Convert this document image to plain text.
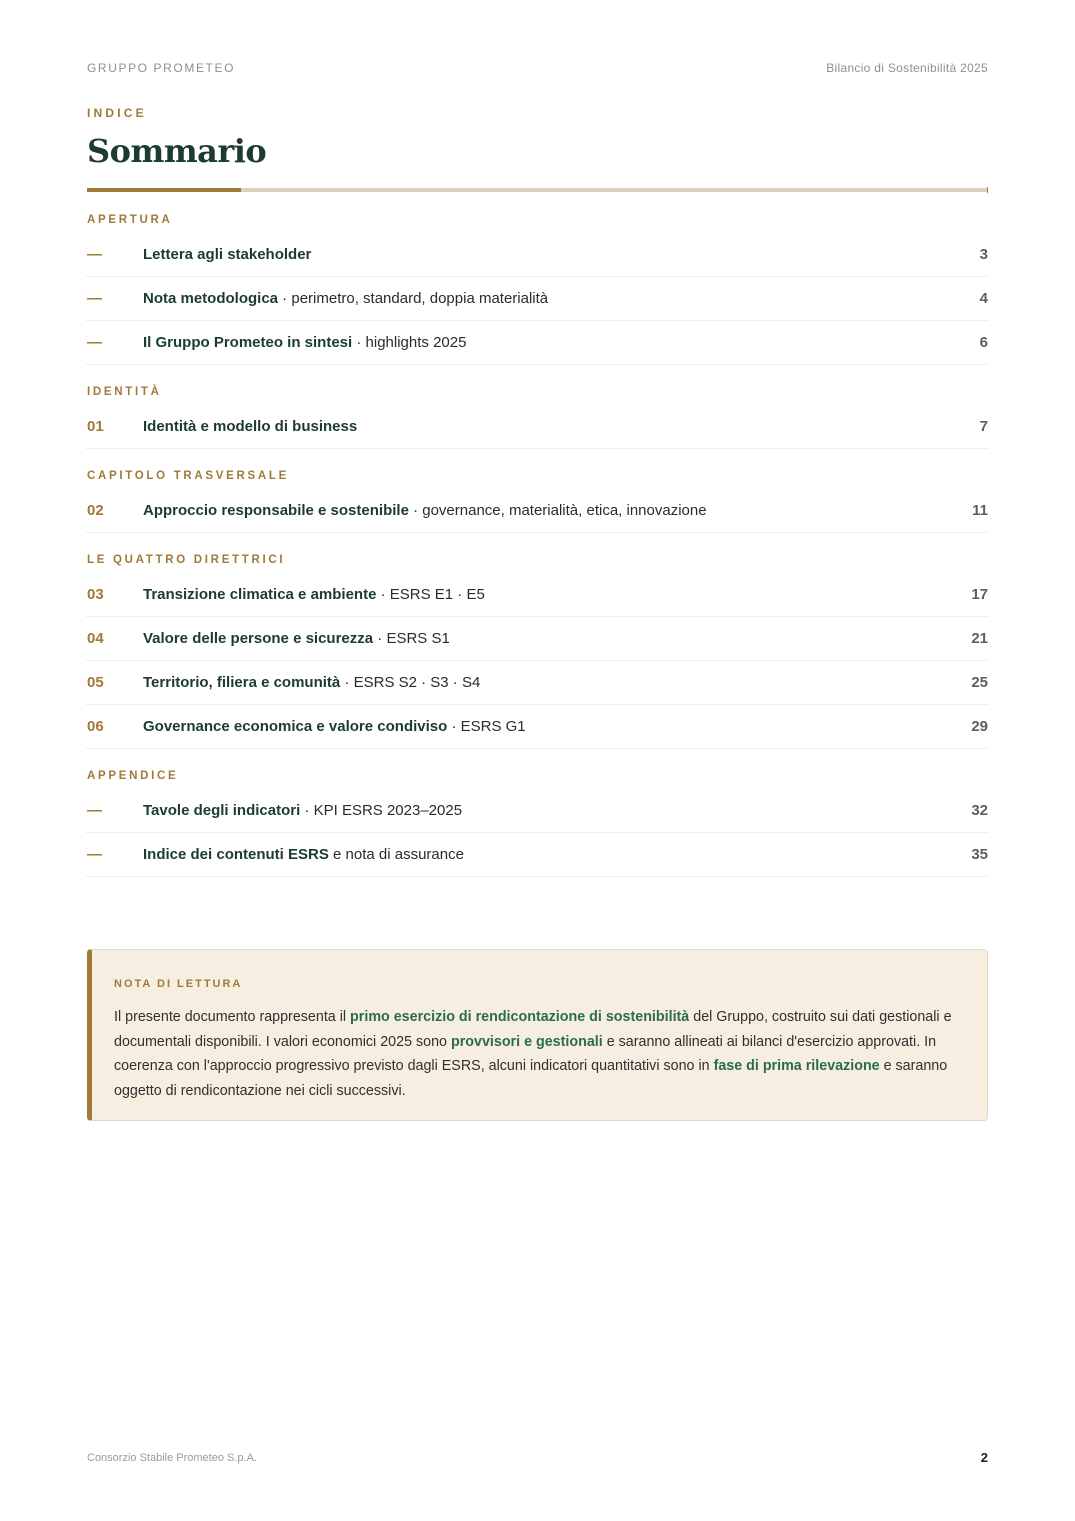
GRUPPO PROMETEO	Bilancio di Sostenibilità 2025
INDICE
Sommario
APERTURA
—	Lettera agli stakeholder	3
—	Nota metodologica · perimetro, standard, doppia materialità	4
—	Il Gruppo Prometeo in sintesi · highlights 2025	6
IDENTITÀ
01	Identità e modello di business	7
CAPITOLO TRASVERSALE
02	Approccio responsabile e sostenibile · governance, materialità, etica, innovazione	11
LE QUATTRO DIRETTRICI
03	Transizione climatica e ambiente · ESRS E1 · E5	17
04	Valore delle persone e sicurezza · ESRS S1	21
05	Territorio, filiera e comunità · ESRS S2 · S3 · S4	25
06	Governance economica e valore condiviso · ESRS G1	29
APPENDICE
—	Tavole degli indicatori · KPI ESRS 2023–2025	32
—	Indice dei contenuti ESRS e nota di assurance	35
NOTA DI LETTURA

Il presente documento rappresenta il primo esercizio di rendicontazione di sostenibilità del Gruppo, costruito sui dati gestionali e documentali disponibili. I valori economici 2025 sono provvisori e gestionali e saranno allineati ai bilanci d'esercizio approvati. In coerenza con l'approccio progressivo previsto dagli ESRS, alcuni indicatori quantitativi sono in fase di prima rilevazione e saranno oggetto di rendicontazione nei cicli successivi.

Consorzio Stabile Prometeo S.p.A.	2
